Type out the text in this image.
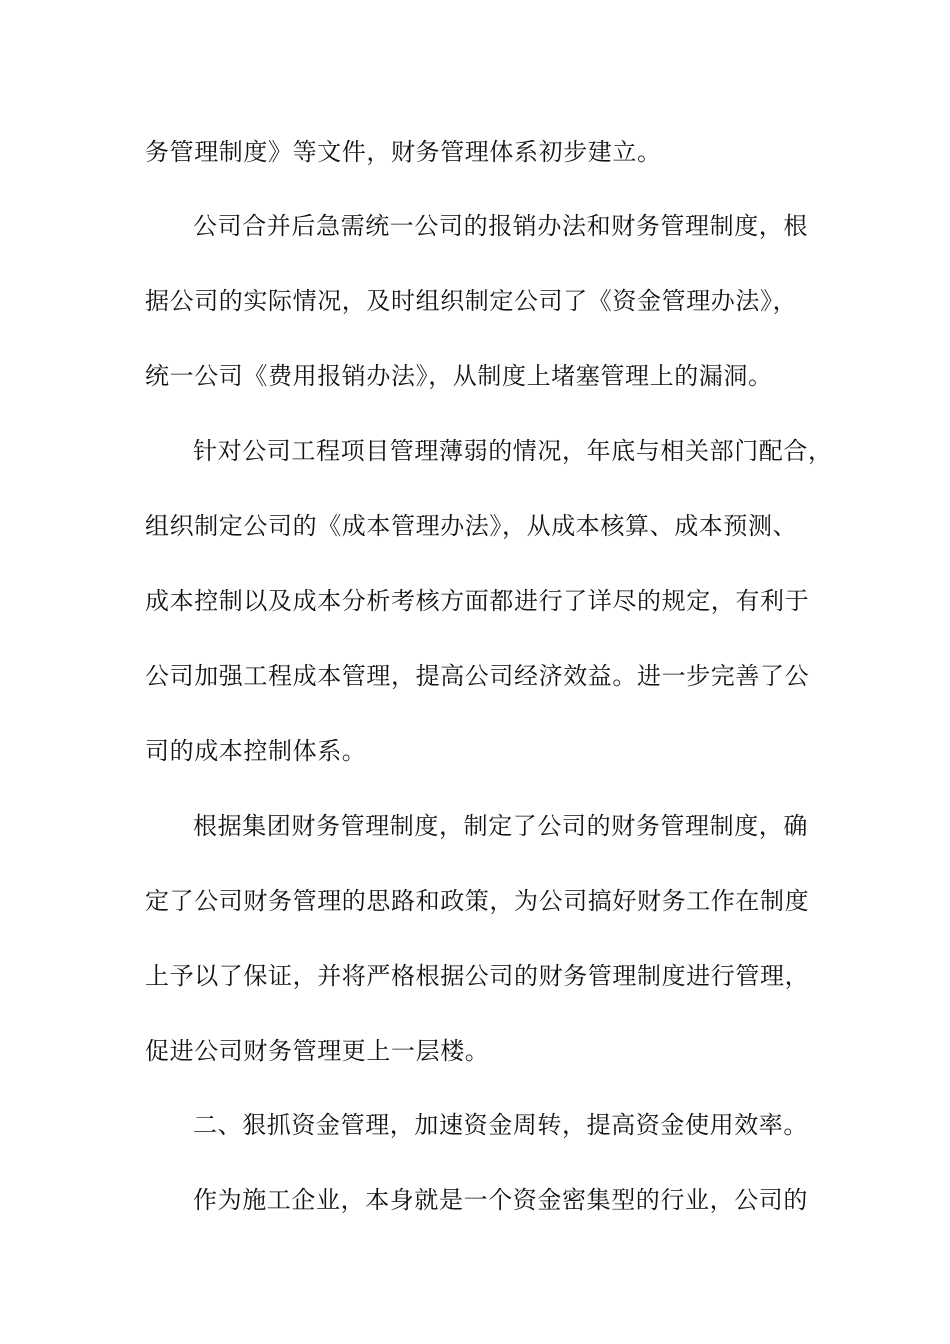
务管理制度》等文件，财务管理体系初步建立。

公司合并后急需统一公司的报销办法和财务管理制度，根

据公司的实际情况，及时组织制定公司了《资金管理办法》，

统一公司《费用报销办法》，从制度上堵塞管理上的漏洞。

针对公司工程项目管理薄弱的情况，年底与相关部门配合，

组织制定公司的《成本管理办法》，从成本核算、成本预测、

成本控制以及成本分析考核方面都进行了详尽的规定，有利于

公司加强工程成本管理，提高公司经济效益。进一步完善了公

司的成本控制体系。

根据集团财务管理制度，制定了公司的财务管理制度，确

定了公司财务管理的思路和政策，为公司搞好财务工作在制度

上予以了保证，并将严格根据公司的财务管理制度进行管理，

促进公司财务管理更上一层楼。

二、狠抓资金管理，加速资金周转，提高资金使用效率。

作为施工企业，本身就是一个资金密集型的行业，公司的
